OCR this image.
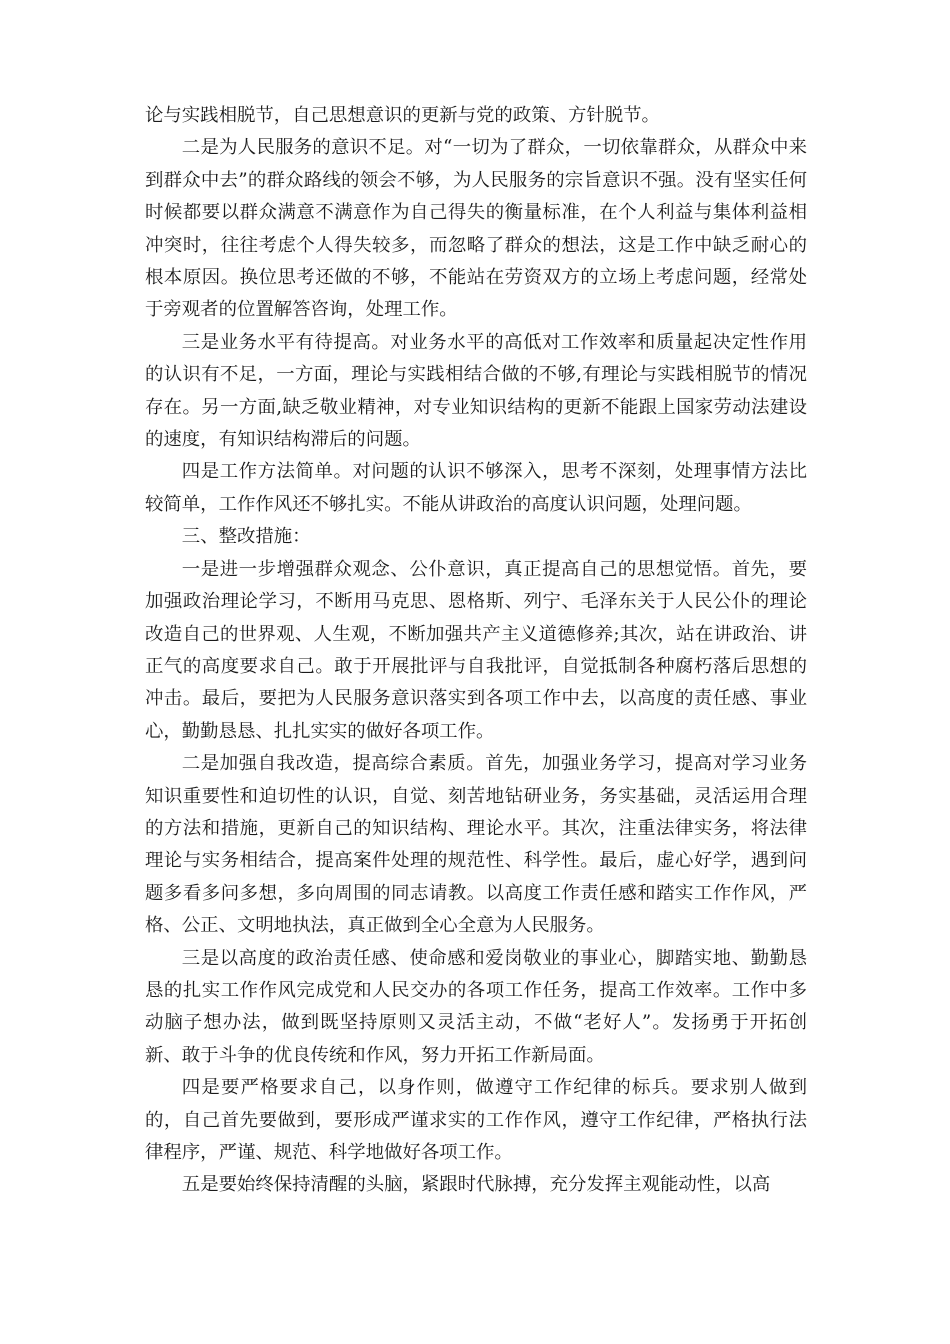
论与实践相脱节，自己思想意识的更新与党的政策、方针脱节。

二是为人民服务的意识不足。对“一切为了群众，一切依靠群众，从群众中来到群众中去”的群众路线的领会不够，为人民服务的宗旨意识不强。没有坚实任何时候都要以群众满意不满意作为自己得失的衡量标准，在个人利益与集体利益相冲突时，往往考虑个人得失较多，而忽略了群众的想法，这是工作中缺乏耐心的根本原因。换位思考还做的不够，不能站在劳资双方的立场上考虑问题，经常处于旁观者的位置解答咨询，处理工作。

三是业务水平有待提高。对业务水平的高低对工作效率和质量起决定性作用的认识有不足，一方面，理论与实践相结合做的不够,有理论与实践相脱节的情况存在。另一方面,缺乏敬业精神，对专业知识结构的更新不能跟上国家劳动法建设的速度，有知识结构滞后的问题。

四是工作方法简单。对问题的认识不够深入，思考不深刻，处理事情方法比较简单，工作作风还不够扎实。不能从讲政治的高度认识问题，处理问题。

三、整改措施：

一是进一步增强群众观念、公仆意识，真正提高自己的思想觉悟。首先，要加强政治理论学习，不断用马克思、恩格斯、列宁、毛泽东关于人民公仆的理论改造自己的世界观、人生观，不断加强共产主义道德修养;其次，站在讲政治、讲正气的高度要求自己。敢于开展批评与自我批评，自觉抵制各种腐朽落后思想的冲击。最后，要把为人民服务意识落实到各项工作中去，以高度的责任感、事业心，勤勤恳恳、扎扎实实的做好各项工作。

二是加强自我改造，提高综合素质。首先，加强业务学习，提高对学习业务知识重要性和迫切性的认识，自觉、刻苦地钻研业务，务实基础，灵活运用合理的方法和措施，更新自己的知识结构、理论水平。其次，注重法律实务，将法律理论与实务相结合，提高案件处理的规范性、科学性。最后，虚心好学，遇到问题多看多问多想，多向周围的同志请教。以高度工作责任感和踏实工作作风，严格、公正、文明地执法，真正做到全心全意为人民服务。

三是以高度的政治责任感、使命感和爱岗敬业的事业心，脚踏实地、勤勤恳恳的扎实工作作风完成党和人民交办的各项工作任务，提高工作效率。工作中多动脑子想办法，做到既坚持原则又灵活主动，不做“老好人”。发扬勇于开拓创新、敢于斗争的优良传统和作风，努力开拓工作新局面。

四是要严格要求自己，以身作则，做遵守工作纪律的标兵。要求别人做到的，自己首先要做到，要形成严谨求实的工作作风，遵守工作纪律，严格执行法律程序，严谨、规范、科学地做好各项工作。

五是要始终保持清醒的头脑，紧跟时代脉搏，充分发挥主观能动性，以高
